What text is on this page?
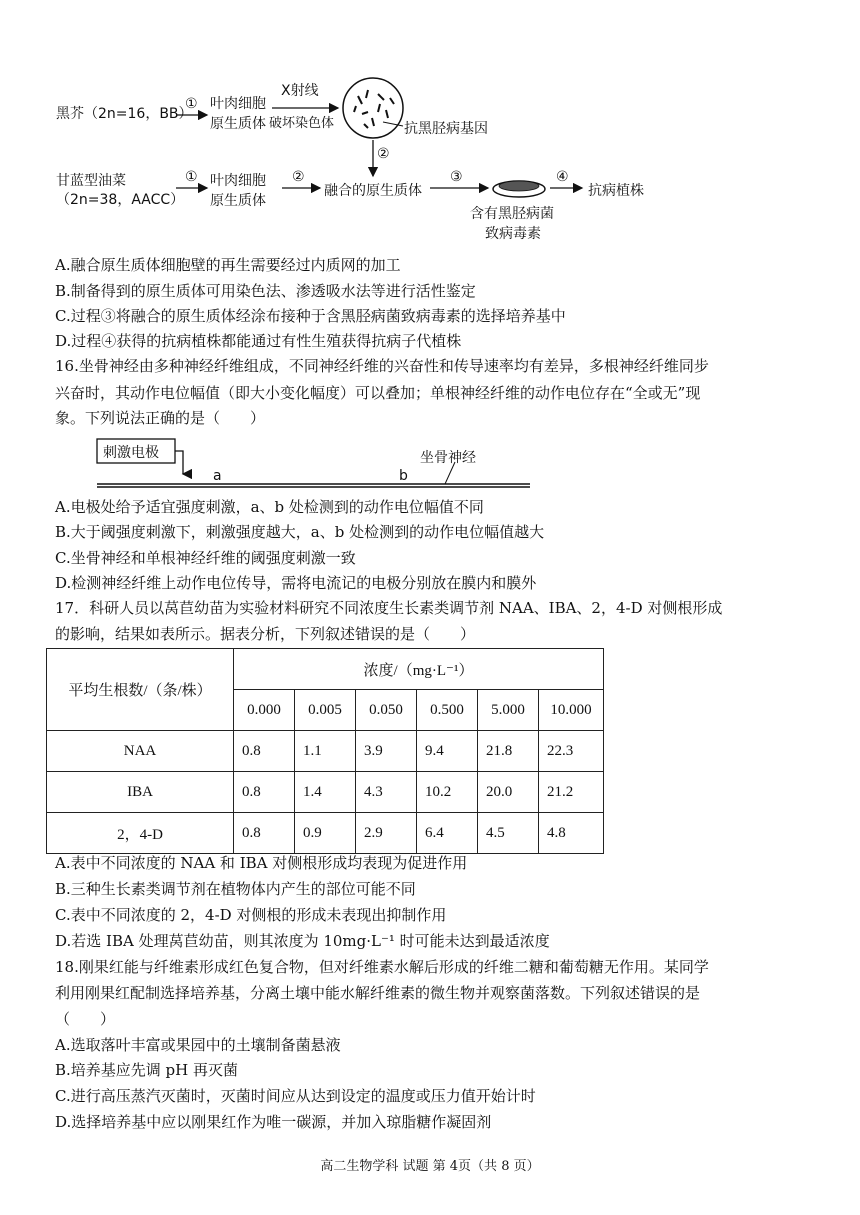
黑芥（2n=16，BB）
① 叶肉细胞
原生质体
X射线
破坏染色体	抗黑胫病基因
②
甘蓝型油菜
（2n=38，AACC）
① 叶肉细胞
原生质体
②
融合的原生质体
③
含有黑胫病菌
致病毒素
④
抗病植株
A.融合原生质体细胞壁的再生需要经过内质网的加工
B.制备得到的原生质体可用染色法、渗透吸水法等进行活性鉴定
C.过程③将融合的原生质体经涂布接种于含黑胫病菌致病毒素的选择培养基中
D.过程④获得的抗病植株都能通过有性生殖获得抗病子代植株
16.坐骨神经由多种神经纤维组成，不同神经纤维的兴奋性和传导速率均有差异，多根神经纤维同步
兴奋时，其动作电位幅值（即大小变化幅度）可以叠加；单根神经纤维的动作电位存在“全或无”现
象。下列说法正确的是（　　）
刺激电极
a	b
坐骨神经
A.电极处给予适宜强度刺激，a、b 处检测到的动作电位幅值不同
B.大于阈强度刺激下，刺激强度越大，a、b 处检测到的动作电位幅值越大
C.坐骨神经和单根神经纤维的阈强度刺激一致
D.检测神经纤维上动作电位传导，需将电流记的电极分别放在膜内和膜外
17．科研人员以莴苣幼苗为实验材料研究不同浓度生长素类调节剂 NAA、IBA、2，4-D 对侧根形成
的影响，结果如表所示。据表分析，下列叙述错误的是（　　）
平均生根数/（条/株）	浓度/（mg·L⁻¹）					
	0.000	0.005	0.050	0.500	5.000	10.000
NAA	0.8	1.1	3.9	9.4	21.8	22.3
IBA	0.8	1.4	4.3	10.2	20.0	21.2
2，4-D	0.8	0.9	2.9	6.4	4.5	4.8
A.表中不同浓度的 NAA 和 IBA 对侧根形成均表现为促进作用
B.三种生长素类调节剂在植物体内产生的部位可能不同
C.表中不同浓度的 2，4-D 对侧根的形成未表现出抑制作用
D.若选 IBA 处理莴苣幼苗，则其浓度为 10mg·L⁻¹ 时可能未达到最适浓度
18.刚果红能与纤维素形成红色复合物，但对纤维素水解后形成的纤维二糖和葡萄糖无作用。某同学
利用刚果红配制选择培养基，分离土壤中能水解纤维素的微生物并观察菌落数。下列叙述错误的是
（　　）
A.选取落叶丰富或果园中的土壤制备菌悬液
B.培养基应先调 pH 再灭菌
C.进行高压蒸汽灭菌时，灭菌时间应从达到设定的温度或压力值开始计时
D.选择培养基中应以刚果红作为唯一碳源，并加入琼脂糖作凝固剂
高二生物学科 试题 第 4页（共 8 页）
